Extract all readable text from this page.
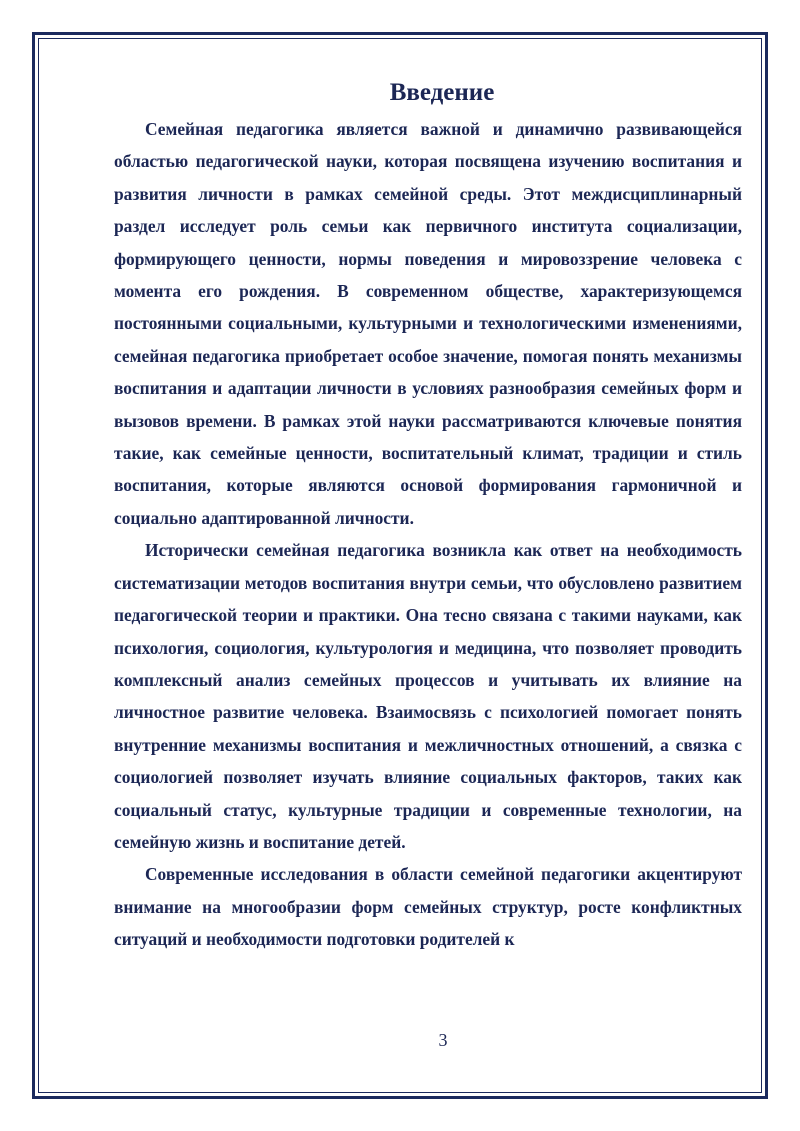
Введение

Семейная педагогика является важной и динамично развивающейся областью педагогической науки, которая посвящена изучению воспитания и развития личности в рамках семейной среды. Этот междисциплинарный раздел исследует роль семьи как первичного института социализации, формирующего ценности, нормы поведения и мировоззрение человека с момента его рождения. В современном обществе, характеризующемся постоянными социальными, культурными и технологическими изменениями, семейная педагогика приобретает особое значение, помогая понять механизмы воспитания и адаптации личности в условиях разнообразия семейных форм и вызовов времени. В рамках этой науки рассматриваются ключевые понятия такие, как семейные ценности, воспитательный климат, традиции и стиль воспитания, которые являются основой формирования гармоничной и социально адаптированной личности.

Исторически семейная педагогика возникла как ответ на необходимость систематизации методов воспитания внутри семьи, что обусловлено развитием педагогической теории и практики. Она тесно связана с такими науками, как психология, социология, культурология и медицина, что позволяет проводить комплексный анализ семейных процессов и учитывать их влияние на личностное развитие человека. Взаимосвязь с психологией помогает понять внутренние механизмы воспитания и межличностных отношений, а связка с социологией позволяет изучать влияние социальных факторов, таких как социальный статус, культурные традиции и современные технологии, на семейную жизнь и воспитание детей.

Современные исследования в области семейной педагогики акцентируют внимание на многообразии форм семейных структур, росте конфликтных ситуаций и необходимости подготовки родителей к

3
